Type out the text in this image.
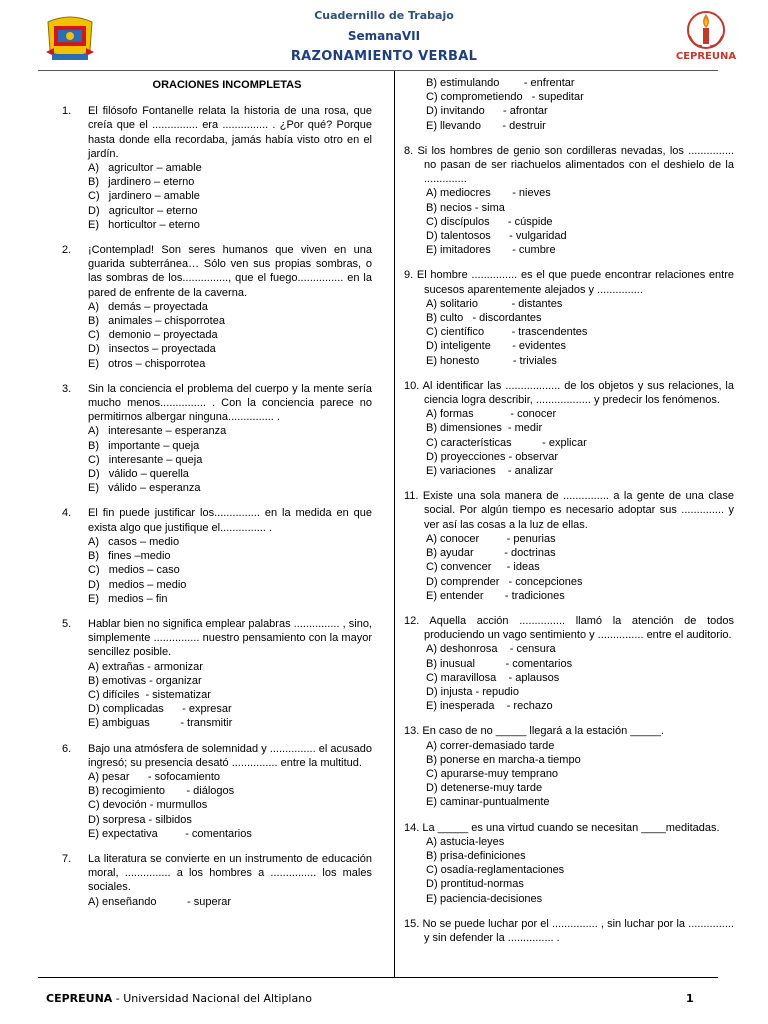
Cuadernillo de Trabajo
SemanaVII
RAZONAMIENTO VERBAL	CEPREUNA
ORACIONES INCOMPLETAS
1.	El filósofo Fontanelle relata la historia de una rosa, que creía que el ............... era ............... . ¿Por qué? Porque hasta donde ella recordaba, jamás había visto otro en el jardín.
A)   agricultor – amable
B)   jardinero – eterno
C)   jardinero – amable
D)   agricultor – eterno
E)   horticultor – eterno
2.	¡Contemplad! Son seres humanos que viven en una guarida subterránea… Sólo ven sus propias sombras, o las sombras de los..............., que el fuego............... en la pared de enfrente de la caverna.
A)   demás – proyectada
B)   animales – chisporrotea
C)   demonio – proyectada
D)   insectos – proyectada
E)   otros – chisporrotea
3.	Sin la conciencia el problema del cuerpo y la mente sería mucho menos............... . Con la conciencia parece no permitirnos albergar ninguna............... .
A)   interesante – esperanza
B)   importante – queja
C)   interesante – queja
D)   válido – querella
E)   válido – esperanza
4.	El fin puede justificar los............... en la medida en que exista algo que justifique el............... .
A)   casos – medio
B)   fines –medio
C)   medios – caso
D)   medios – medio
E)   medios – fin
5.	Hablar bien no significa emplear palabras ............... , sino, simplemente ............... nuestro pensamiento con la mayor sencillez posible.
A) extrañas - armonizar
B) emotivas - organizar
C) difíciles  - sistematizar
D) complicadas      - expresar
E) ambiguas          - transmitir
6.	Bajo una atmósfera de solemnidad y ............... el acusado ingresó; su presencia desató ............... entre la multitud.
A) pesar      - sofocamiento
B) recogimiento       - diálogos
C) devoción - murmullos
D) sorpresa - silbidos
E) expectativa         - comentarios
7.	La literatura se convierte en un instrumento de educación moral, ............... a los hombres a ............... los males sociales.
A) enseñando          - superar
B) estimulando        - enfrentar
C) comprometiendo   - supeditar
D) invitando      - afrontar
E) llevando       - destruir
8. Si los hombres de genio son cordilleras nevadas, los ............... no pasan de ser riachuelos alimentados con el deshielo de la ..............
A) mediocres       - nieves
B) necios - sima
C) discípulos      - cúspide
D) talentosos      - vulgaridad
E) imitadores       - cumbre
9. El hombre ............... es el que puede encontrar relaciones entre sucesos aparentemente alejados y ...............
A) solitario           - distantes
B) culto   - discordantes
C) científico         - trascendentes
D) inteligente       - evidentes
E) honesto           - triviales
10. Al identificar las .................. de los objetos y sus relaciones, la ciencia logra describir, .................. y predecir los fenómenos.
A) formas            - conocer
B) dimensiones  - medir
C) características          - explicar
D) proyecciones - observar
E) variaciones    - analizar
11. Existe una sola manera de ............... a la gente de una clase social. Por algún tiempo es necesario adoptar sus .............. y ver así las cosas a la luz de ellas.
A) conocer         - penurias
B) ayudar          - doctrinas
C) convencer     - ideas
D) comprender   - concepciones
E) entender       - tradiciones
12. Aquella acción ............... llamó la atención de todos produciendo un vago sentimiento y ............... entre el auditorio.
A) deshonrosa    - censura
B) inusual          - comentarios
C) maravillosa    - aplausos
D) injusta - repudio
E) inesperada    - rechazo
13. En caso de no _____ llegará a la estación _____.
A) correr-demasiado tarde
B) ponerse en marcha-a tiempo
C) apurarse-muy temprano
D) detenerse-muy tarde
E) caminar-puntualmente
14. La _____ es una virtud cuando se necesitan ____meditadas.
A) astucia-leyes
B) prisa-definiciones
C) osadía-reglamentaciones
D) prontitud-normas
E) paciencia-decisiones
15. No se puede luchar por el ............... , sin luchar por la ............... y sin defender la ............... .
CEPREUNA - Universidad Nacional del Altiplano	1
